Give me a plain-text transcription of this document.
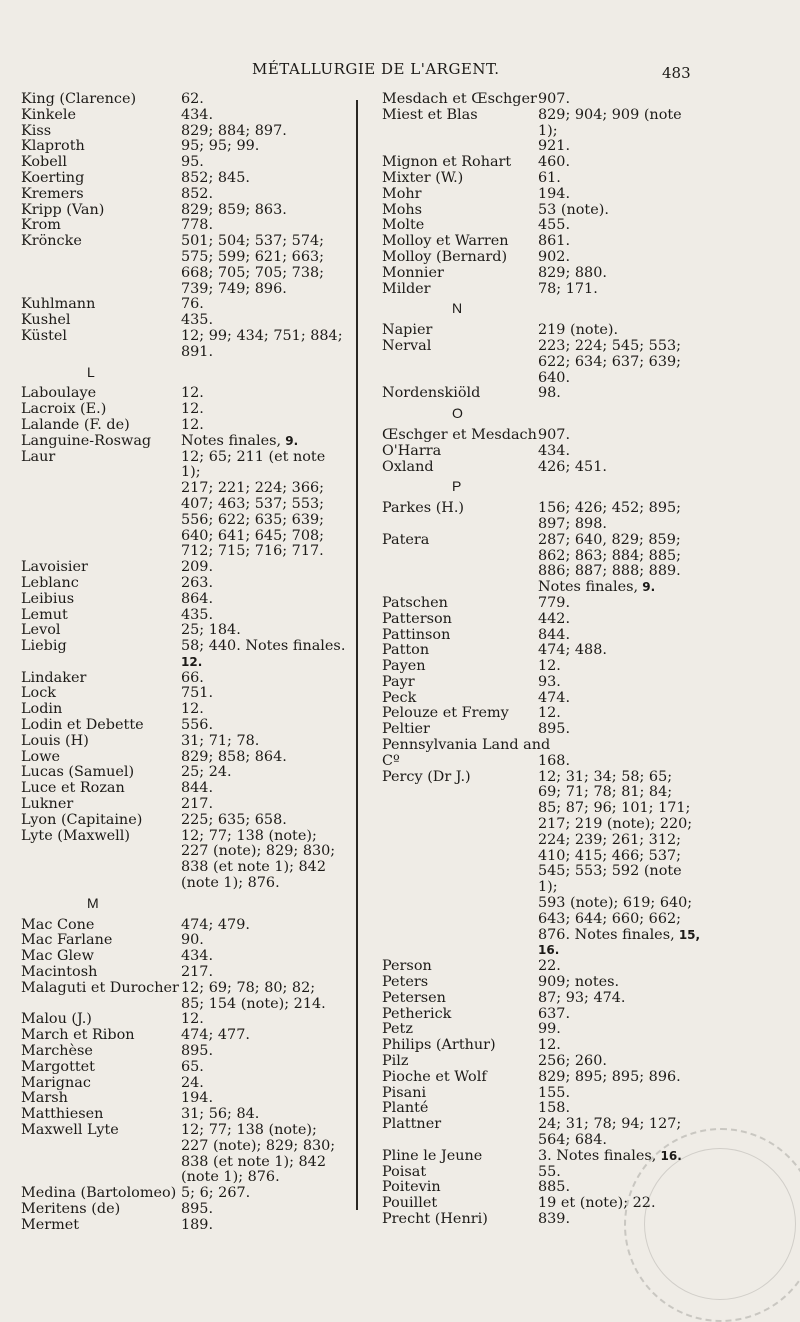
MÉTALLURGIE DE L'ARGENT.	483
King (Clarence)	62.
Kinkele	434.
Kiss	829; 884; 897.
Klaproth	95; 95; 99.
Kobell	95.
Koerting	852; 845.
Kremers	852.
Kripp (Van)	829; 859; 863.
Krom	778.
Kröncke	501; 504; 537; 574;
575; 599; 621; 663;
668; 705; 705; 738;
739; 749; 896.
Kuhlmann	76.
Kushel	435.
Küstel	12; 99; 434; 751; 884;
891.
L
Laboulaye	12.
Lacroix (E.)	12.
Lalande (F. de)	12.
Languine-Roswag	Notes finales, 9.
Laur	12; 65; 211 (et note 1);
217; 221; 224; 366;
407; 463; 537; 553;
556; 622; 635; 639;
640; 641; 645; 708;
712; 715; 716; 717.
Lavoisier	209.
Leblanc	263.
Leibius	864.
Lemut	435.
Levol	25; 184.
Liebig	58; 440. Notes finales.
12.
Lindaker	66.
Lock	751.
Lodin	12.
Lodin et Debette	556.
Louis (H)	31; 71; 78.
Lowe	829; 858; 864.
Lucas (Samuel)	25; 24.
Luce et Rozan	844.
Lukner	217.
Lyon (Capitaine)	225; 635; 658.
Lyte (Maxwell)	12; 77; 138 (note);
227 (note); 829; 830;
838 (et note 1); 842
(note 1); 876.
M
Mac Cone	474; 479.
Mac Farlane	90.
Mac Glew	434.
Macintosh	217.
Malaguti et Durocher 12; 69; 78; 80; 82;
85; 154 (note); 214.
Malou (J.)	12.
March et Ribon	474; 477.
Marchèse	895.
Margottet	65.
Marignac	24.
Marsh	194.
Matthiesen	31; 56; 84.
Maxwell Lyte	12; 77; 138 (note);
227 (note); 829; 830;
838 (et note 1); 842
(note 1); 876.
Medina (Bartolomeo) 5; 6; 267.
Meritens (de)	895.
Mermet	189.
Mesdach et Œschger 907.
Miest et Blas	829; 904; 909 (note 1);
921.
Mignon et Rohart	460.
Mixter (W.)	61.
Mohr	194.
Mohs	53 (note).
Molte	455.
Molloy et Warren	861.
Molloy (Bernard)	902.
Monnier	829; 880.
Milder	78; 171.
N
Napier	219 (note).
Nerval	223; 224; 545; 553;
622; 634; 637; 639;
640.
Nordenskiöld	98.
O
Œschger et Mesdach 907.
O'Harra	434.
Oxland	426; 451.
P
Parkes (H.)	156; 426; 452; 895;
897; 898.
Patera	287; 640, 829; 859;
862; 863; 884; 885;
886; 887; 888; 889.
Notes finales, 9.
Patschen	779.
Patterson	442.
Pattinson	844.
Patton	474; 488.
Payen	12.
Payr	93.
Peck	474.
Pelouze et Fremy	12.
Peltier	895.
Pennsylvania Land and
Cº	168.
Percy (Dr J.)	12; 31; 34; 58; 65;
69; 71; 78; 81; 84;
85; 87; 96; 101; 171;
217; 219 (note); 220;
224; 239; 261; 312;
410; 415; 466; 537;
545; 553; 592 (note 1);
593 (note); 619; 640;
643; 644; 660; 662;
876. Notes finales, 15,
16.
Person	22.
Peters	909; notes.
Petersen	87; 93; 474.
Petherick	637.
Petz	99.
Philips (Arthur)	12.
Pilz	256; 260.
Pioche et Wolf	829; 895; 895; 896.
Pisani	155.
Planté	158.
Plattner	24; 31; 78; 94; 127;
564; 684.
Pline le Jeune	3. Notes finales, 16.
Poisat	55.
Poitevin	885.
Pouillet	19 et (note); 22.
Precht (Henri)	839.
